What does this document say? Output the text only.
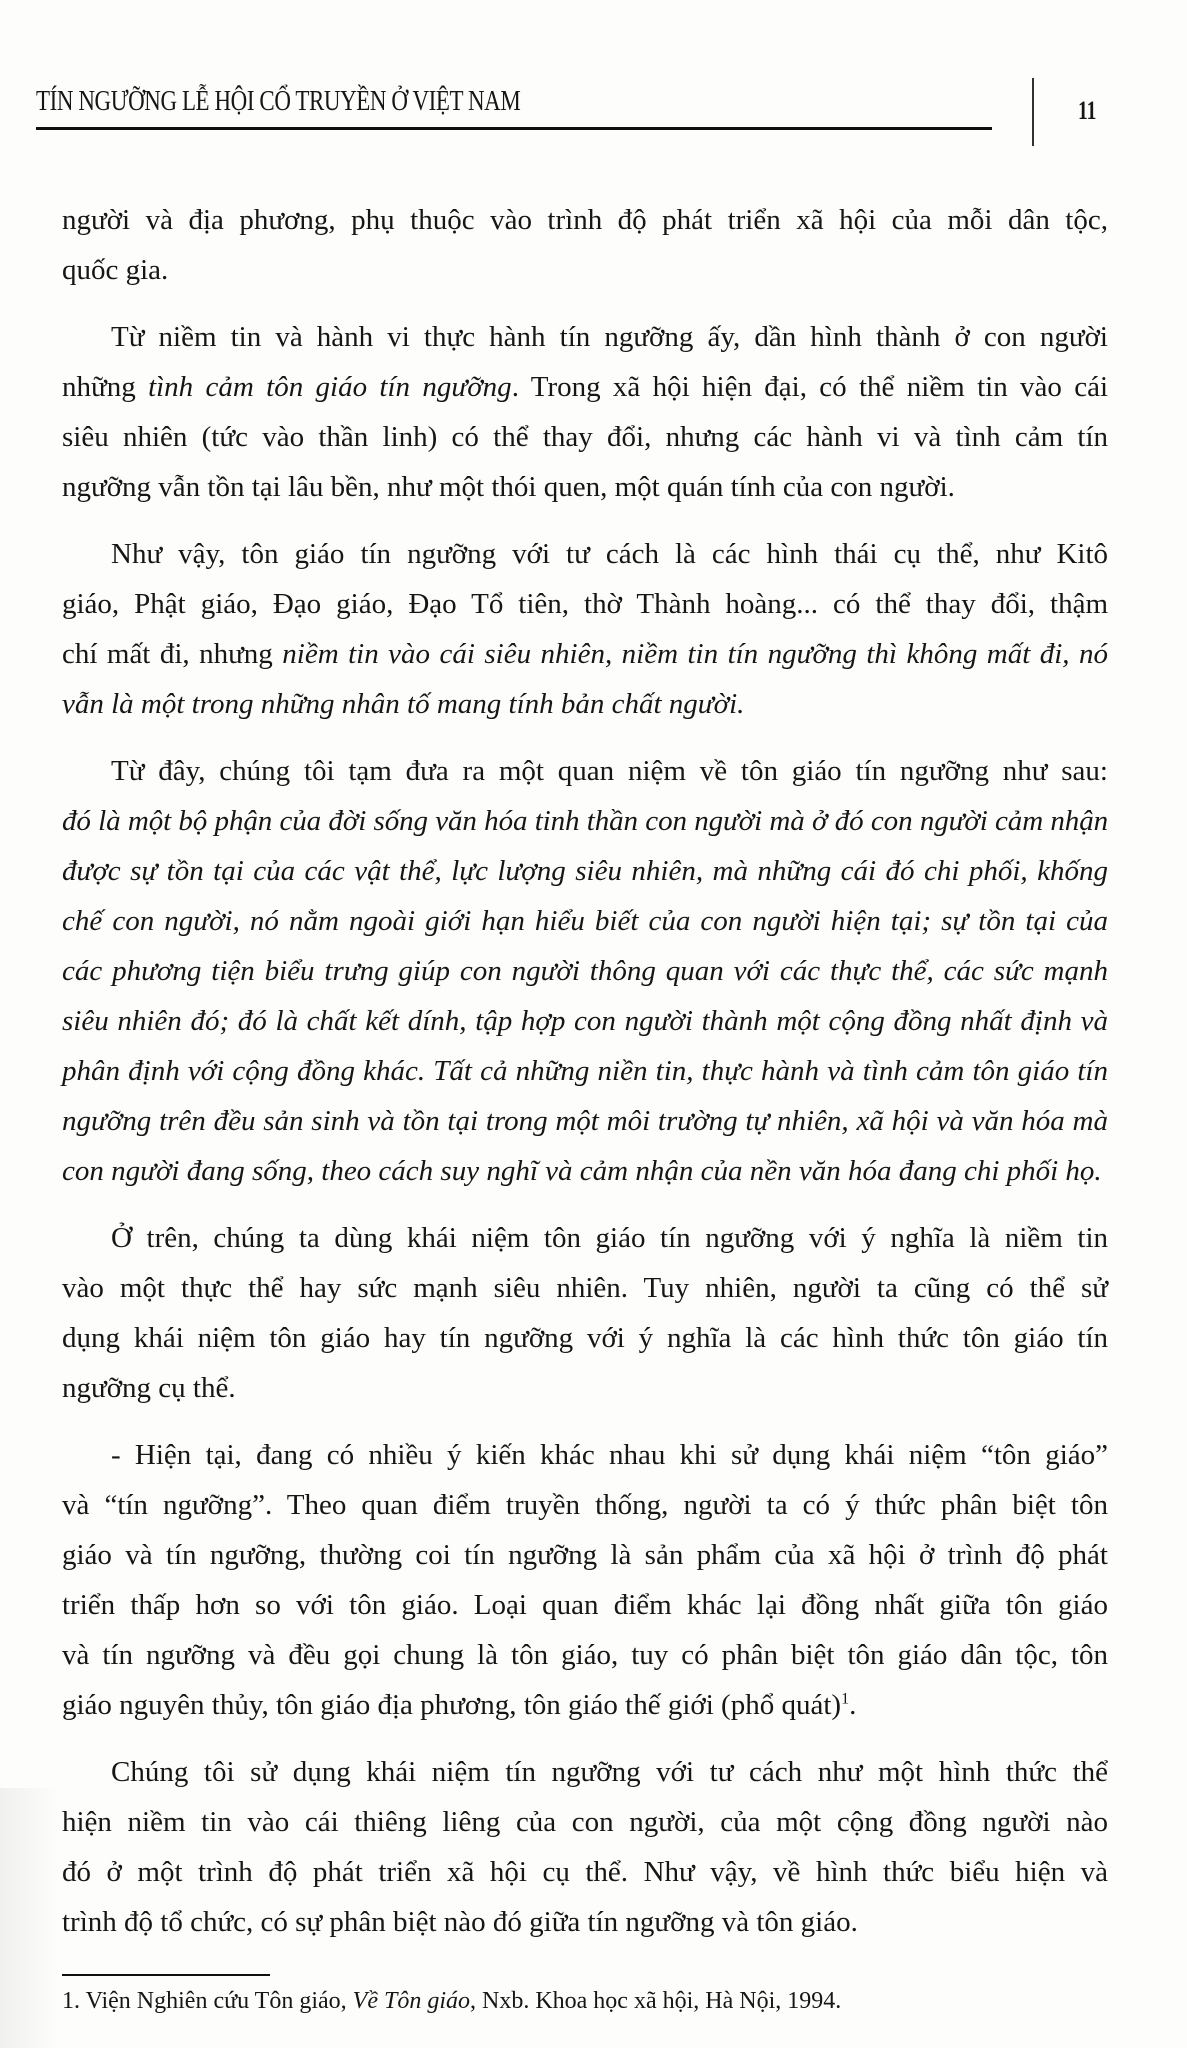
TÍN NGƯỠNG LỄ HỘI CỔ TRUYỀN Ở VIỆT NAM	11
người và địa phương, phụ thuộc vào trình độ phát triển xã hội của mỗi dân tộc,
quốc gia.
Từ niềm tin và hành vi thực hành tín ngưỡng ấy, dần hình thành ở con người
những tình cảm tôn giáo tín ngưỡng. Trong xã hội hiện đại, có thể niềm tin vào cái
siêu nhiên (tức vào thần linh) có thể thay đổi, nhưng các hành vi và tình cảm tín
ngưỡng vẫn tồn tại lâu bền, như một thói quen, một quán tính của con người.
Như vậy, tôn giáo tín ngưỡng với tư cách là các hình thái cụ thể, như Kitô
giáo, Phật giáo, Đạo giáo, Đạo Tổ tiên, thờ Thành hoàng... có thể thay đổi, thậm
chí mất đi, nhưng niềm tin vào cái siêu nhiên, niềm tin tín ngưỡng thì không mất đi, nó
vẫn là một trong những nhân tố mang tính bản chất người.
Từ đây, chúng tôi tạm đưa ra một quan niệm về tôn giáo tín ngưỡng như sau:
đó là một bộ phận của đời sống văn hóa tinh thần con người mà ở đó con người cảm nhận
được sự tồn tại của các vật thể, lực lượng siêu nhiên, mà những cái đó chi phối, khống
chế con người, nó nằm ngoài giới hạn hiểu biết của con người hiện tại; sự tồn tại của
các phương tiện biểu trưng giúp con người thông quan với các thực thể, các sức mạnh
siêu nhiên đó; đó là chất kết dính, tập hợp con người thành một cộng đồng nhất định và
phân định với cộng đồng khác. Tất cả những niền tin, thực hành và tình cảm tôn giáo tín
ngưỡng trên đều sản sinh và tồn tại trong một môi trường tự nhiên, xã hội và văn hóa mà
con người đang sống, theo cách suy nghĩ và cảm nhận của nền văn hóa đang chi phối họ.
Ở trên, chúng ta dùng khái niệm tôn giáo tín ngưỡng với ý nghĩa là niềm tin
vào một thực thể hay sức mạnh siêu nhiên. Tuy nhiên, người ta cũng có thể sử
dụng khái niệm tôn giáo hay tín ngưỡng với ý nghĩa là các hình thức tôn giáo tín
ngưỡng cụ thể.
- Hiện tại, đang có nhiều ý kiến khác nhau khi sử dụng khái niệm “tôn giáo”
và “tín ngưỡng”. Theo quan điểm truyền thống, người ta có ý thức phân biệt tôn
giáo và tín ngưỡng, thường coi tín ngưỡng là sản phẩm của xã hội ở trình độ phát
triển thấp hơn so với tôn giáo. Loại quan điểm khác lại đồng nhất giữa tôn giáo
và tín ngưỡng và đều gọi chung là tôn giáo, tuy có phân biệt tôn giáo dân tộc, tôn
giáo nguyên thủy, tôn giáo địa phương, tôn giáo thế giới (phổ quát)$^1$.
Chúng tôi sử dụng khái niệm tín ngưỡng với tư cách như một hình thức thể
hiện niềm tin vào cái thiêng liêng của con người, của một cộng đồng người nào
đó ở một trình độ phát triển xã hội cụ thể. Như vậy, về hình thức biểu hiện và
trình độ tổ chức, có sự phân biệt nào đó giữa tín ngưỡng và tôn giáo.
1. Viện Nghiên cứu Tôn giáo, Về Tôn giáo, Nxb. Khoa học xã hội, Hà Nội, 1994.
